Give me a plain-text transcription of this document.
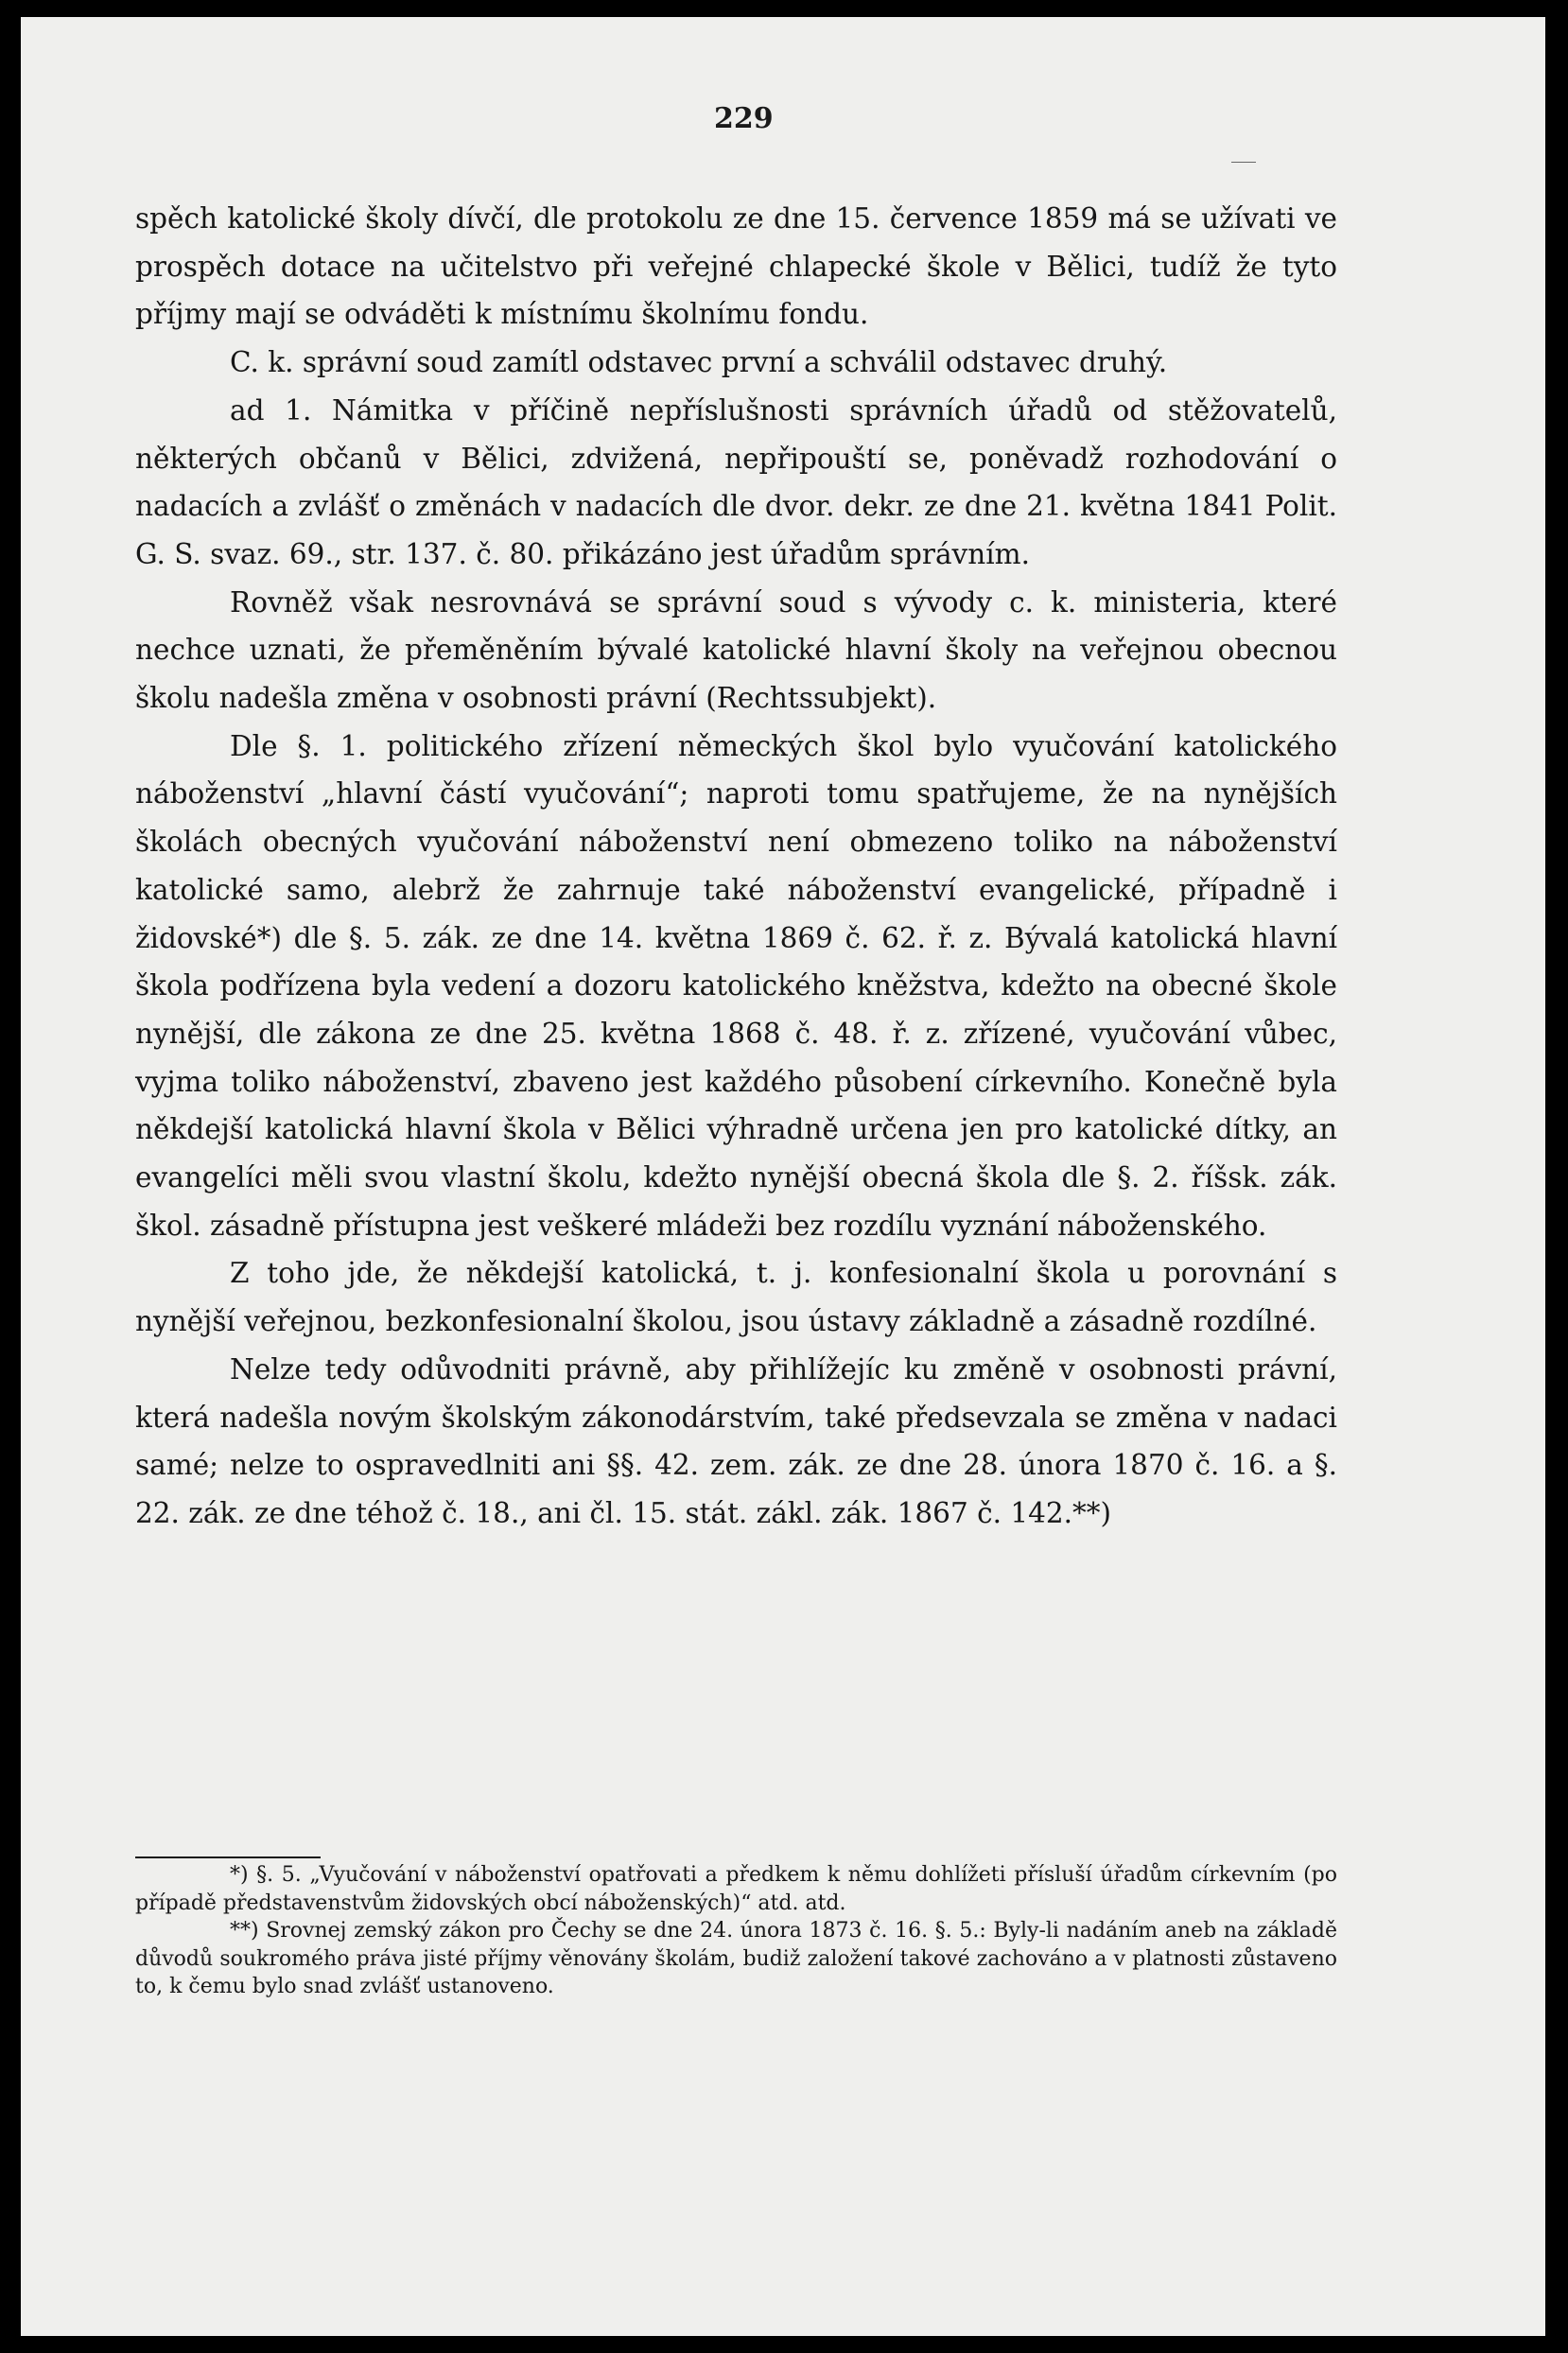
229

spěch katolické školy dívčí, dle protokolu ze dne 15. července 1859 má se užívati ve prospěch dotace na učitelstvo při veřejné chlapecké škole v Bělici, tudíž že tyto příjmy mají se odváděti k místnímu školnímu fondu.

C. k. správní soud zamítl odstavec první a schválil odstavec druhý.

ad 1. Námitka v příčině nepříslušnosti správních úřadů od stěžovatelů, některých občanů v Bělici, zdvižená, nepřipouští se, poněvadž rozhodování o nadacích a zvlášť o změnách v nadacích dle dvor. dekr. ze dne 21. května 1841 Polit. G. S. svaz. 69., str. 137. č. 80. přikázáno jest úřadům správním.

Rovněž však nesrovnává se správní soud s vývody c. k. ministeria, které nechce uznati, že přeměněním bývalé katolické hlavní školy na veřejnou obecnou školu nadešla změna v osobnosti právní (Rechtssubjekt).

Dle §. 1. politického zřízení německých škol bylo vyučování katolického náboženství „hlavní částí vyučování“; naproti tomu spatřujeme, že na nynějších školách obecných vyučování náboženství není obmezeno toliko na náboženství katolické samo, alebrž že zahrnuje také náboženství evangelické, případně i židovské*) dle §. 5. zák. ze dne 14. května 1869 č. 62. ř. z. Bývalá katolická hlavní škola podřízena byla vedení a dozoru katolického kněžstva, kdežto na obecné škole nynější, dle zákona ze dne 25. května 1868 č. 48. ř. z. zřízené, vyučování vůbec, vyjma toliko náboženství, zbaveno jest každého působení církevního. Konečně byla někdejší katolická hlavní škola v Bělici výhradně určena jen pro katolické dítky, an evangelíci měli svou vlastní školu, kdežto nynější obecná škola dle §. 2. říšsk. zák. škol. zásadně přístupna jest veškeré mládeži bez rozdílu vyznání náboženského.

Z toho jde, že někdejší katolická, t. j. konfesionalní škola u porovnání s nynější veřejnou, bezkonfesionalní školou, jsou ústavy základně a zásadně rozdílné.

Nelze tedy odůvodniti právně, aby přihlížejíc ku změně v osobnosti právní, která nadešla novým školským zákonodárstvím, také předsevzala se změna v nadaci samé; nelze to ospravedlniti ani §§. 42. zem. zák. ze dne 28. února 1870 č. 16. a §. 22. zák. ze dne téhož č. 18., ani čl. 15. stát. zákl. zák. 1867 č. 142.**)

*) §. 5. „Vyučování v náboženství opatřovati a předkem k němu dohlížeti přísluší úřadům církevním (po případě představenstvům židovských obcí náboženských)“ atd. atd.

**) Srovnej zemský zákon pro Čechy se dne 24. února 1873 č. 16. §. 5.: Byly-li nadáním aneb na základě důvodů soukromého práva jisté příjmy věnovány školám, budiž založení takové zachováno a v platnosti zůstaveno to, k čemu bylo snad zvlášť ustanoveno.
